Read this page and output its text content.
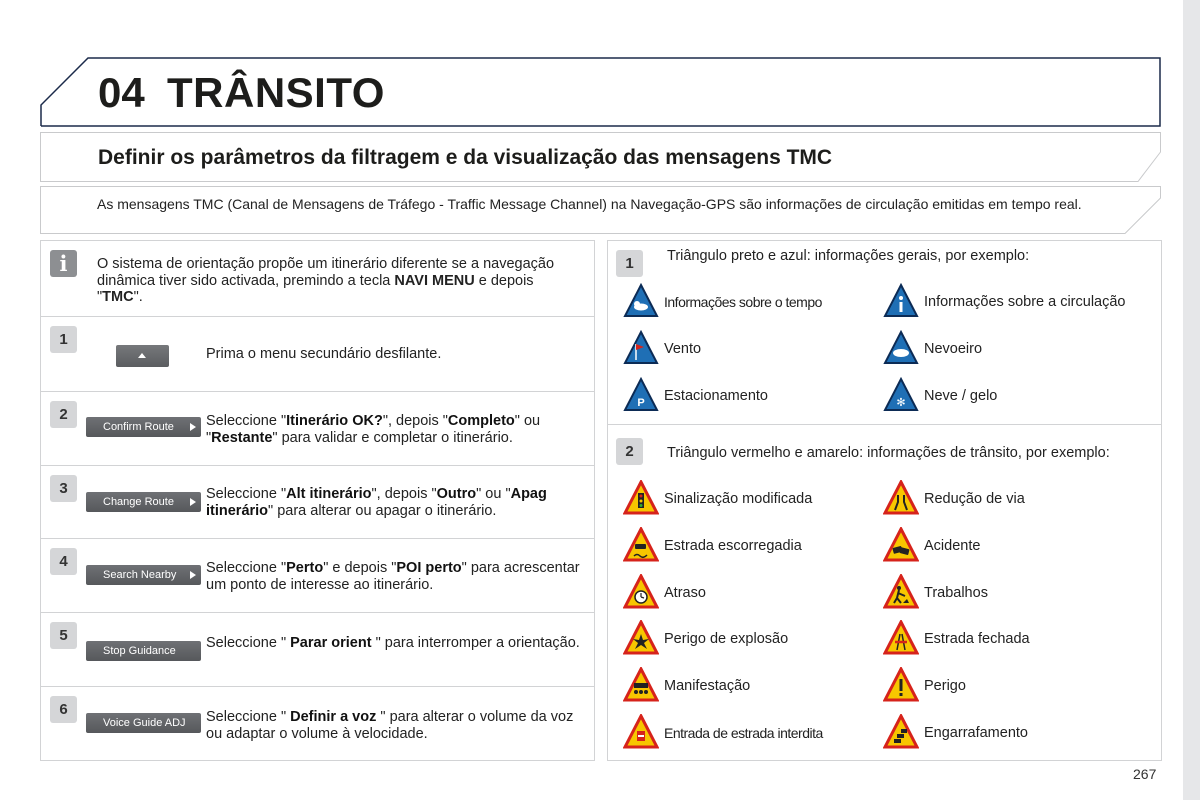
04 TRÂNSITO
Definir os parâmetros da filtragem e da visualização das mensagens TMC
As mensagens TMC (Canal de Mensagens de Tráfego - Traffic Message Channel) na Navegação-GPS são informações de circulação emitidas em tempo real.
i	O sistema de orientação propõe um itinerário diferente se a navegação dinâmica tiver sido activada, premindo a tecla NAVI MENU e depois "TMC".
1
Prima o menu secundário desfilante.
2
Confirm Route	Seleccione "Itinerário OK?", depois "Completo" ou "Restante" para validar e completar o itinerário.
3
Change Route	Seleccione "Alt itinerário", depois "Outro" ou "Apag itinerário" para alterar ou apagar o itinerário.
4
Search Nearby	Seleccione "Perto" e depois "POI perto" para acrescentar um ponto de interesse ao itinerário.
5
Stop Guidance	Seleccione " Parar orient " para interromper a orientação.
6
Voice Guide ADJ	Seleccione " Definir a voz " para alterar o volume da voz ou adaptar o volume à velocidade.
1	Triângulo preto e azul: informações gerais, por exemplo:
Informações sobre o tempo	Informações sobre a circulação
Vento	Nevoeiro
P Estacionamento	✻ Neve / gelo
2	Triângulo vermelho e amarelo: informações de trânsito, por exemplo:
Sinalização modificada	Redução de via
Estrada escorregadia	Acidente
Atraso	Trabalhos
Perigo de explosão	Estrada fechada
Manifestação	Perigo
Entrada de estrada interdita	Engarrafamento
267
